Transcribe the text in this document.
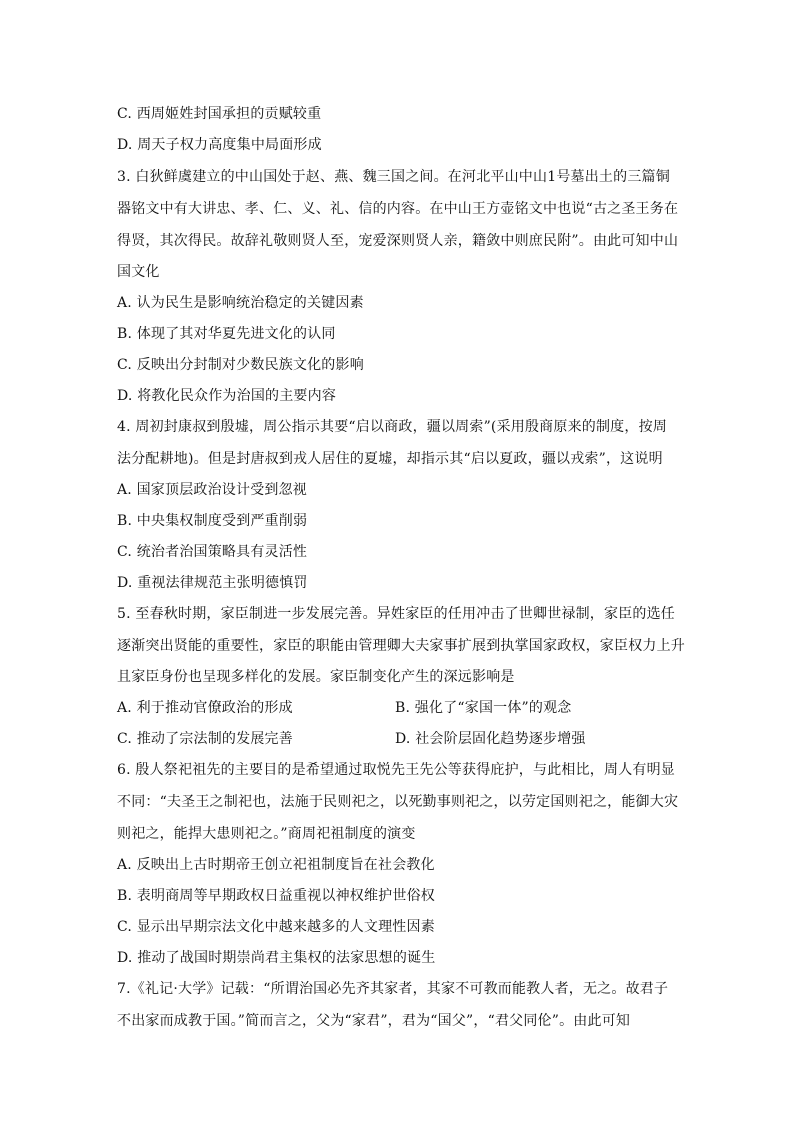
C. 西周姬姓封国承担的贡赋较重
D. 周天子权力高度集中局面形成
3. 白狄鲜虞建立的中山国处于赵、燕、魏三国之间。在河北平山中山1号墓出土的三篇铜
器铭文中有大讲忠、孝、仁、义、礼、信的内容。在中山王方壶铭文中也说“古之圣王务在
得贤，其次得民。故辞礼敬则贤人至，宠爱深则贤人亲，籍敛中则庶民附”。由此可知中山
国文化
A. 认为民生是影响统治稳定的关键因素
B. 体现了其对华夏先进文化的认同
C. 反映出分封制对少数民族文化的影响
D. 将教化民众作为治国的主要内容
4. 周初封康叔到殷墟，周公指示其要“启以商政，疆以周索”(采用殷商原来的制度，按周
法分配耕地)。但是封唐叔到戎人居住的夏墟，却指示其“启以夏政，疆以戎索”，这说明
A. 国家顶层政治设计受到忽视
B. 中央集权制度受到严重削弱
C. 统治者治国策略具有灵活性
D. 重视法律规范主张明德慎罚
5. 至春秋时期，家臣制进一步发展完善。异姓家臣的任用冲击了世卿世禄制，家臣的选任
逐渐突出贤能的重要性，家臣的职能由管理卿大夫家事扩展到执掌国家政权，家臣权力上升
且家臣身份也呈现多样化的发展。家臣制变化产生的深远影响是
A. 利于推动官僚政治的形成	B. 强化了“家国一体”的观念
C. 推动了宗法制的发展完善	D. 社会阶层固化趋势逐步增强
6. 殷人祭祀祖先的主要目的是希望通过取悦先王先公等获得庇护，与此相比，周人有明显
不同：“夫圣王之制祀也，法施于民则祀之，以死勤事则祀之，以劳定国则祀之，能御大灾
则祀之，能捍大患则祀之。”商周祀祖制度的演变
A. 反映出上古时期帝王创立祀祖制度旨在社会教化
B. 表明商周等早期政权日益重视以神权维护世俗权
C. 显示出早期宗法文化中越来越多的人文理性因素
D. 推动了战国时期崇尚君主集权的法家思想的诞生
7.《礼记·大学》记载：“所谓治国必先齐其家者，其家不可教而能教人者，无之。故君子
不出家而成教于国。”简而言之，父为“家君”，君为“国父”，“君父同伦”。由此可知
